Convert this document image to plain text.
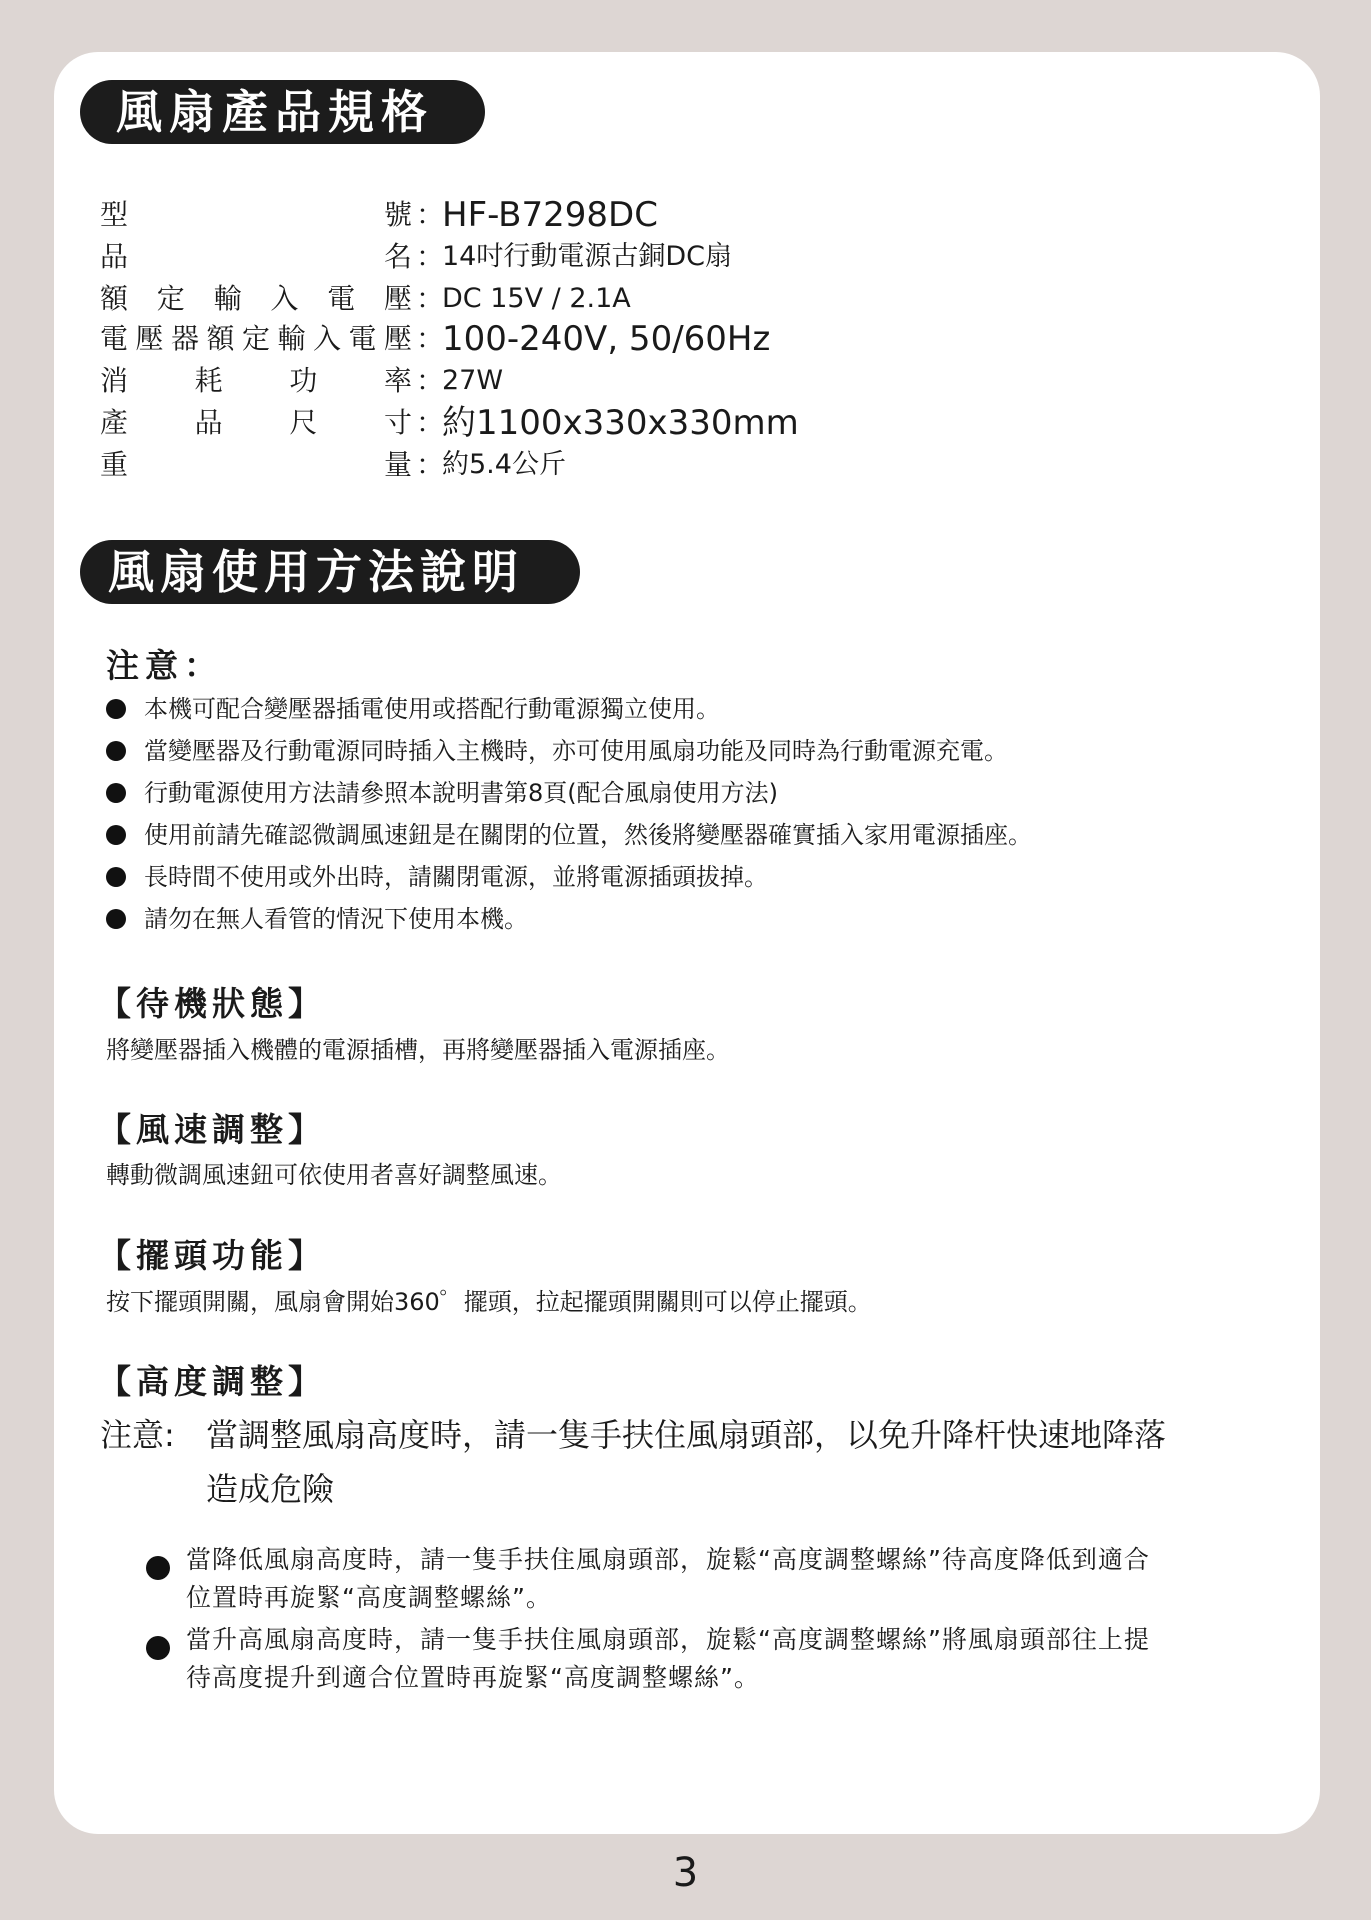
風扇產品規格
型	號 ：
HF-B7298DC
品	名 ：
14吋行動電源古銅DC扇
額 定 輸 入 電 壓 ：
DC 15V / 2.1A
電 壓 器 額 定 輸 入 電 壓 ：
100-240V, 50/60Hz
消 耗 功 率 ：
27W
產 品 尺 寸 ：
約1100x330x330mm
重	量 ：
約5.4公斤
風扇使用方法說明
注意：
本機可配合變壓器插電使用或搭配行動電源獨立使用。
當變壓器及行動電源同時插入主機時，亦可使用風扇功能及同時為行動電源充電。
行動電源使用方法請參照本說明書第8頁(配合風扇使用方法)
使用前請先確認微調風速鈕是在關閉的位置，然後將變壓器確實插入家用電源插座。
長時間不使用或外出時，請關閉電源，並將電源插頭拔掉。
請勿在無人看管的情況下使用本機。
【待機狀態】
將變壓器插入機體的電源插槽，再將變壓器插入電源插座。
【風速調整】
轉動微調風速鈕可依使用者喜好調整風速。
【擺頭功能】
按下擺頭開關，風扇會開始360゜擺頭，拉起擺頭開關則可以停止擺頭。
【高度調整】
注意: 當調整風扇高度時，請一隻手扶住風扇頭部，以免升降杆快速地降落
造成危險
當降低風扇高度時，請一隻手扶住風扇頭部，旋鬆“高度調整螺絲”待高度降低到適合
位置時再旋緊“高度調整螺絲”。
當升高風扇高度時，請一隻手扶住風扇頭部，旋鬆“高度調整螺絲”將風扇頭部往上提
待高度提升到適合位置時再旋緊“高度調整螺絲”。
3
